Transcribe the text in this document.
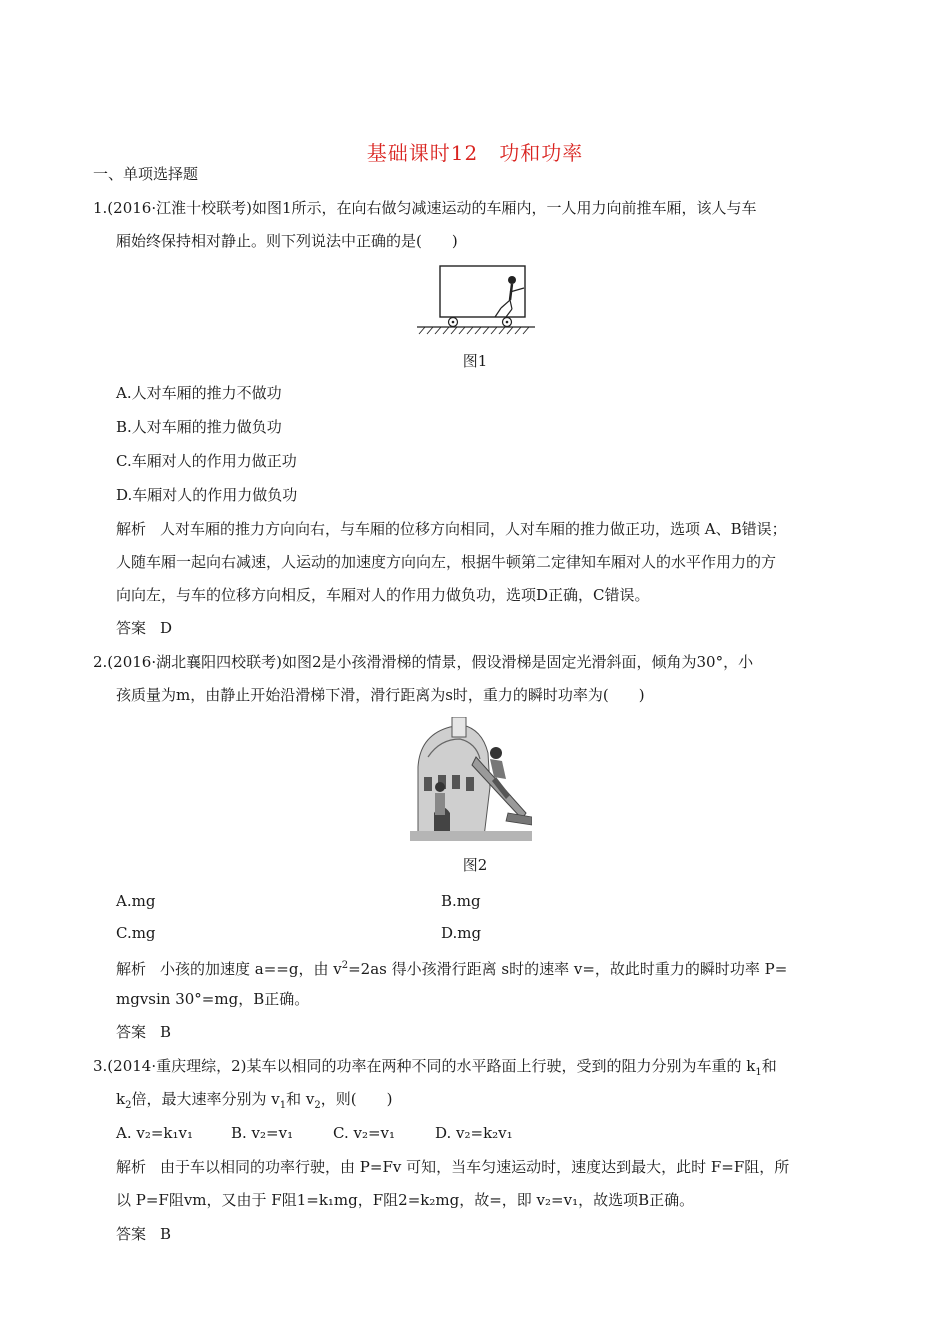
基础课时12　功和功率
一、单项选择题
1.(2016·江淮十校联考)如图1所示，在向右做匀减速运动的车厢内，一人用力向前推车厢，该人与车
厢始终保持相对静止。则下列说法中正确的是(　　)
图1
A.人对车厢的推力不做功
B.人对车厢的推力做负功
C.车厢对人的作用力做正功
D.车厢对人的作用力做负功
解析 人对车厢的推力方向向右，与车厢的位移方向相同，人对车厢的推力做正功，选项 A、B错误；
人随车厢一起向右减速，人运动的加速度方向向左，根据牛顿第二定律知车厢对人的水平作用力的方
向向左，与车的位移方向相反，车厢对人的作用力做负功，选项D正确，C错误。
答案 D
2.(2016·湖北襄阳四校联考)如图2是小孩滑滑梯的情景，假设滑梯是固定光滑斜面，倾角为30°，小
孩质量为m，由静止开始沿滑梯下滑，滑行距离为s时，重力的瞬时功率为(　　)
图2
A.mg	B.mg
C.mg	D.mg
解析 小孩的加速度 a==g，由 $v^2=2as$ 得小孩滑行距离 s时的速率 v=，故此时重力的瞬时功率 P=
mgvsin 30°=mg，B正确。
答案 B
3.(2014·重庆理综，2)某车以相同的功率在两种不同的水平路面上行驶，受到的阻力分别为车重的 $k_1$和
$k_2$倍，最大速率分别为 $v_1$和 $v_2$，则(　　)
A. v₂=k₁v₁	B. v₂=v₁	C. v₂=v₁	D. v₂=k₂v₁
解析 由于车以相同的功率行驶，由 P=Fv 可知，当车匀速运动时，速度达到最大，此时 F=F阻，所
以 P=F阻vm，又由于 F阻1=k₁mg，F阻2=k₂mg，故=，即 v₂=v₁，故选项B正确。
答案 B
